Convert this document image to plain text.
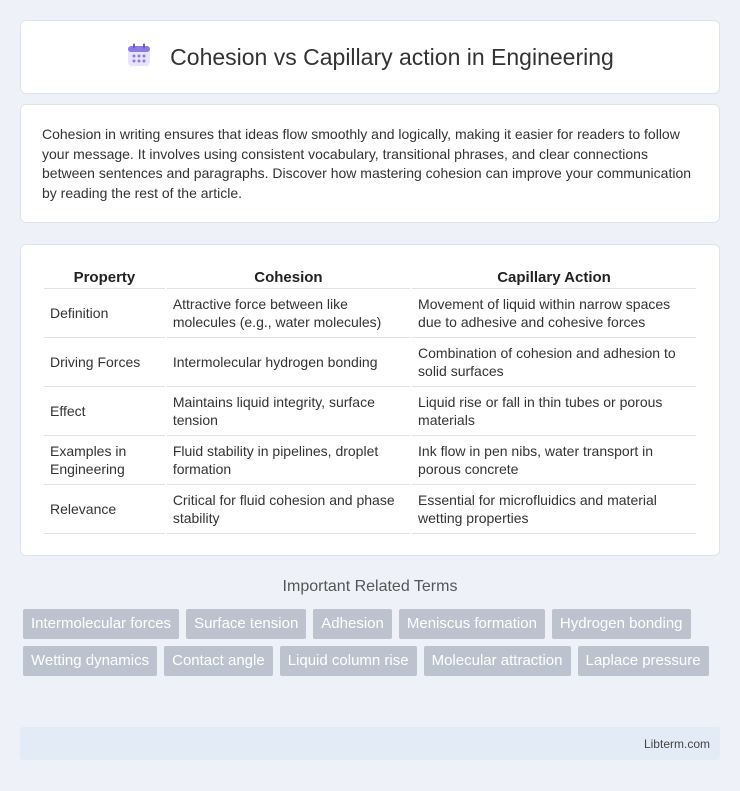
Cohesion vs Capillary action in Engineering

Cohesion in writing ensures that ideas flow smoothly and logically, making it easier for readers to follow your message. It involves using consistent vocabulary, transitional phrases, and clear connections between sentences and paragraphs. Discover how mastering cohesion can improve your communication by reading the rest of the article.

Property	Cohesion	Capillary Action
Definition	Attractive force between like molecules (e.g., water molecules)	Movement of liquid within narrow spaces due to adhesive and cohesive forces
Driving Forces	Intermolecular hydrogen bonding	Combination of cohesion and adhesion to solid surfaces
Effect	Maintains liquid integrity, surface tension	Liquid rise or fall in thin tubes or porous materials
Examples in Engineering	Fluid stability in pipelines, droplet formation	Ink flow in pen nibs, water transport in porous concrete
Relevance	Critical for fluid cohesion and phase stability	Essential for microfluidics and material wetting properties
Important Related Terms
Intermolecular forces	Surface tension	Adhesion	Meniscus formation	Hydrogen bonding
Wetting dynamics	Contact angle	Liquid column rise	Molecular attraction	Laplace pressure
Libterm.com
